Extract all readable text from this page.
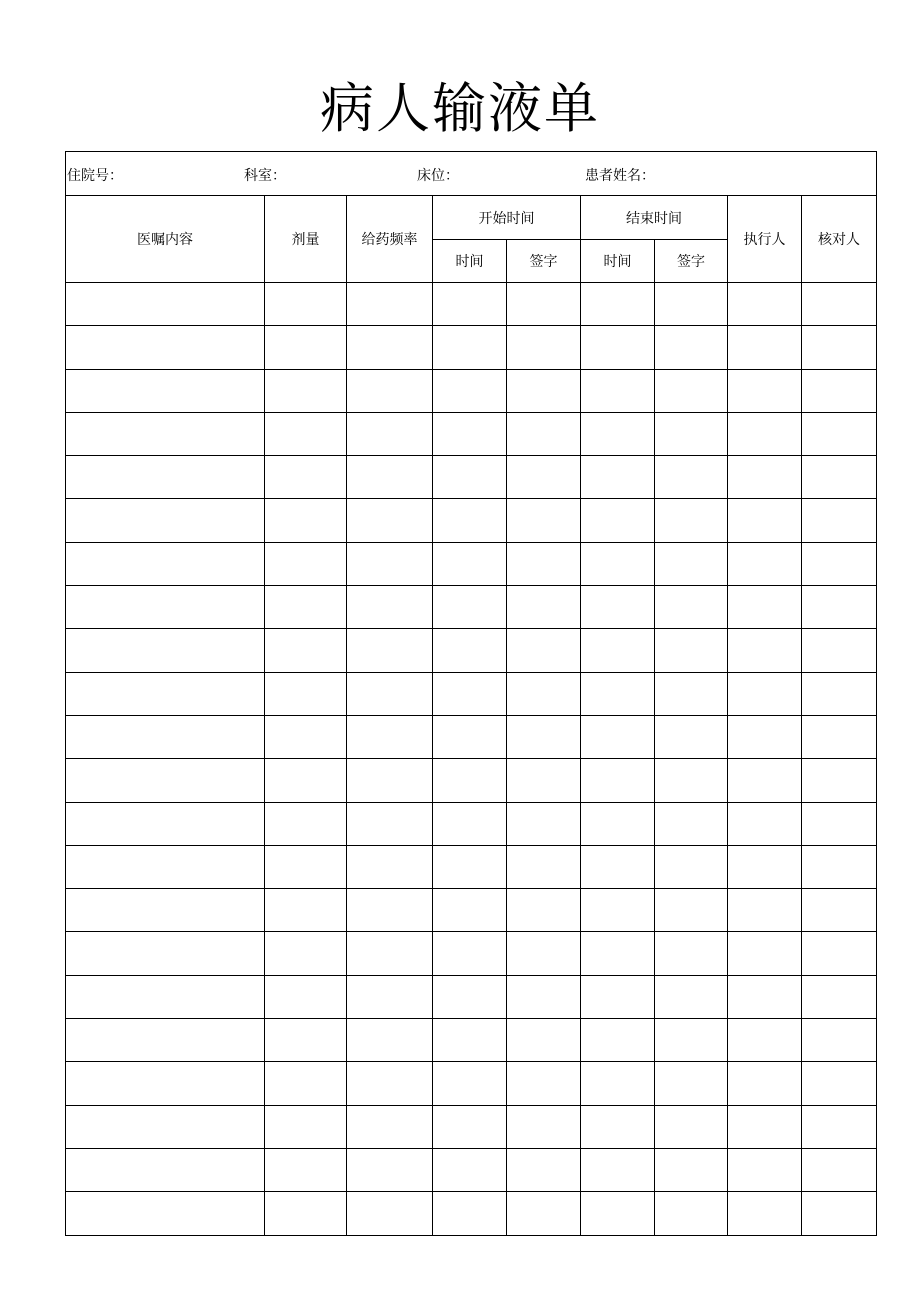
病人输液单
住院号： 科室： 床位： 患者姓名：								

医嘱内容	剂量	给药频率	开始时间		结束时间		执行人	核对人
			时间	签字	时间	签字		
